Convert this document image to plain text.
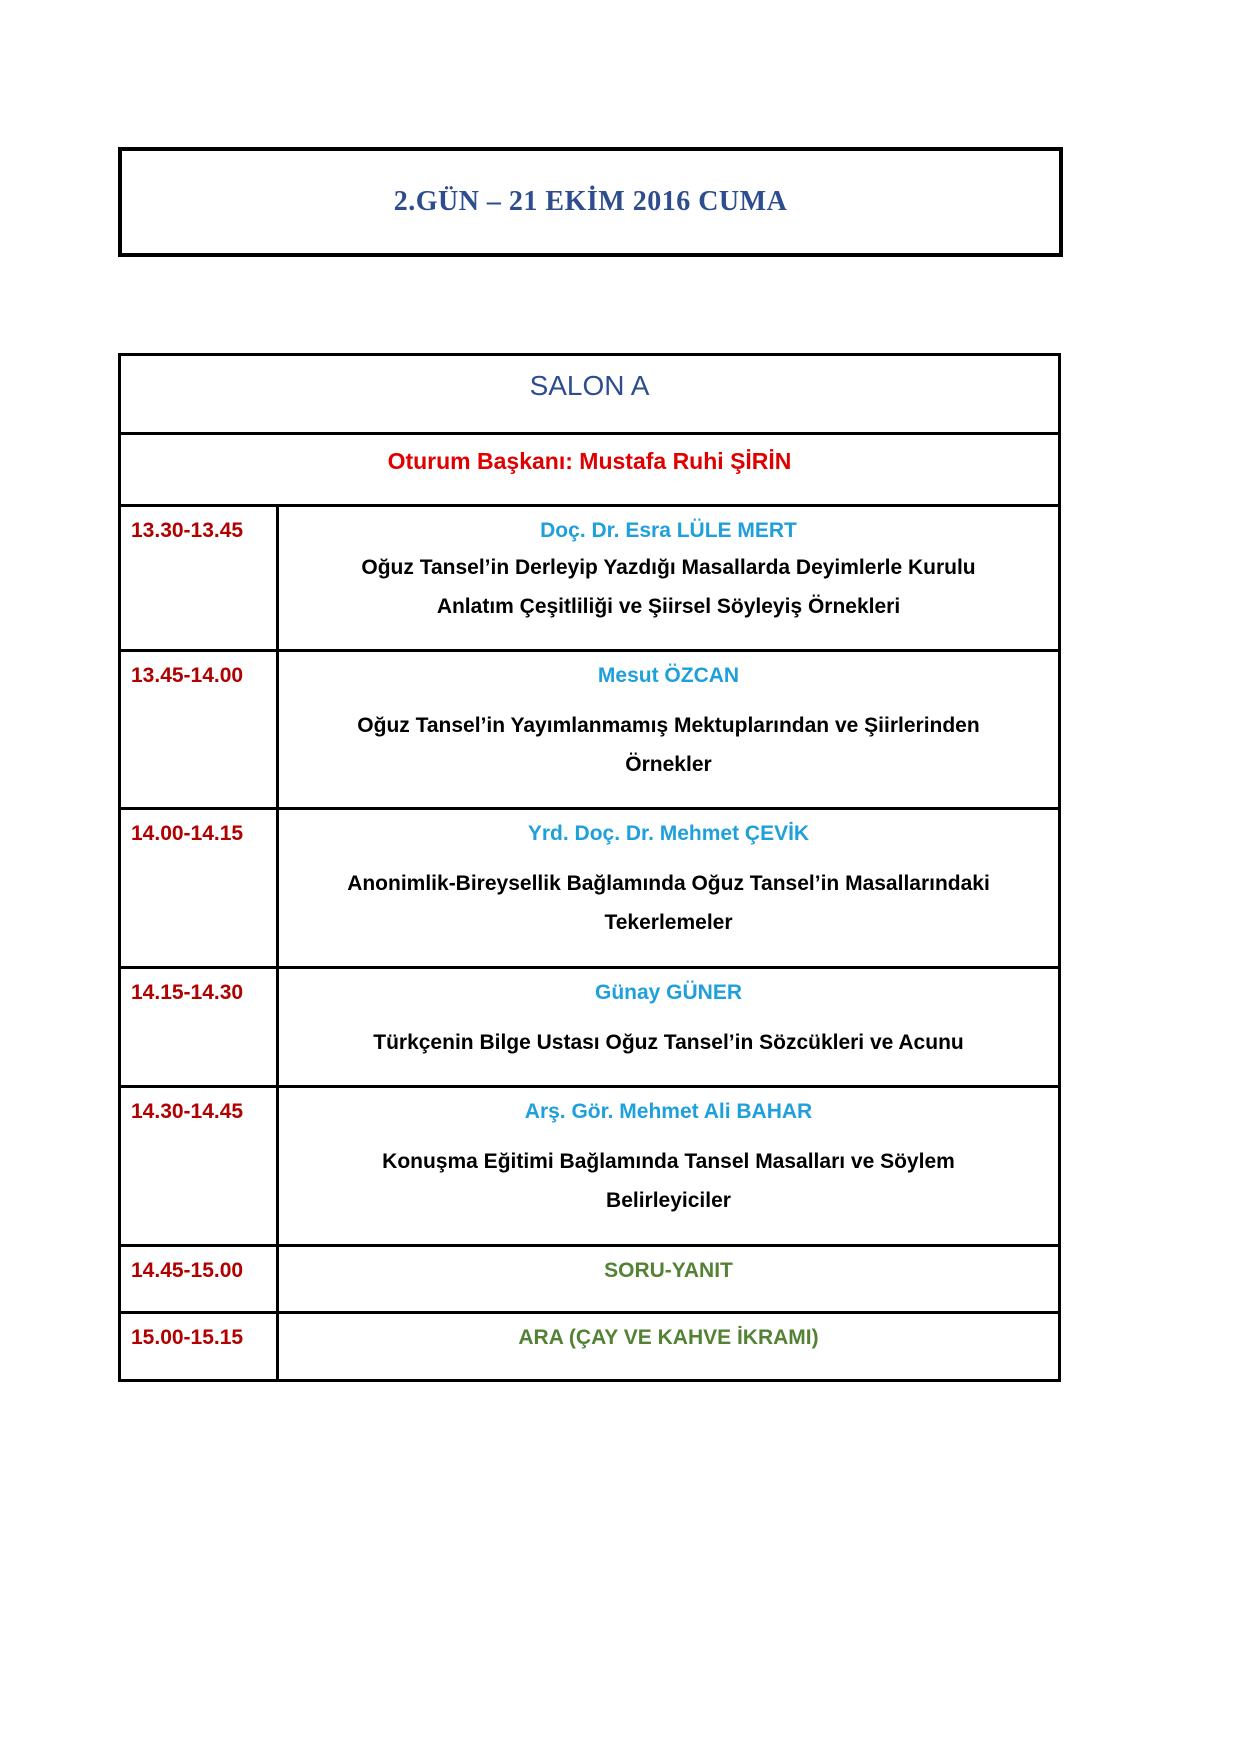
2.GÜN – 21 EKİM 2016 CUMA
SALON A	
Oturum Başkanı: Mustafa Ruhi ŞİRİN	
13.30-13.45	Doç. Dr. Esra LÜLE MERT
Oğuz Tansel’in Derleyip Yazdığı Masallarda Deyimlerle Kurulu
Anlatım Çeşitliliği ve Şiirsel Söyleyiş Örnekleri

13.45-14.00	Mesut ÖZCAN
Oğuz Tansel’in Yayımlanmamış Mektuplarından ve Şiirlerinden
Örnekler

14.00-14.15	Yrd. Doç. Dr. Mehmet ÇEVİK
Anonimlik-Bireysellik Bağlamında Oğuz Tansel’in Masallarındaki
Tekerlemeler

14.15-14.30	Günay GÜNER
Türkçenin Bilge Ustası Oğuz Tansel’in Sözcükleri ve Acunu

14.30-14.45	Arş. Gör. Mehmet Ali BAHAR
Konuşma Eğitimi Bağlamında Tansel Masalları ve Söylem
Belirleyiciler

14.45-15.00	SORU-YANIT

15.00-15.15	ARA (ÇAY VE KAHVE İKRAMI)
